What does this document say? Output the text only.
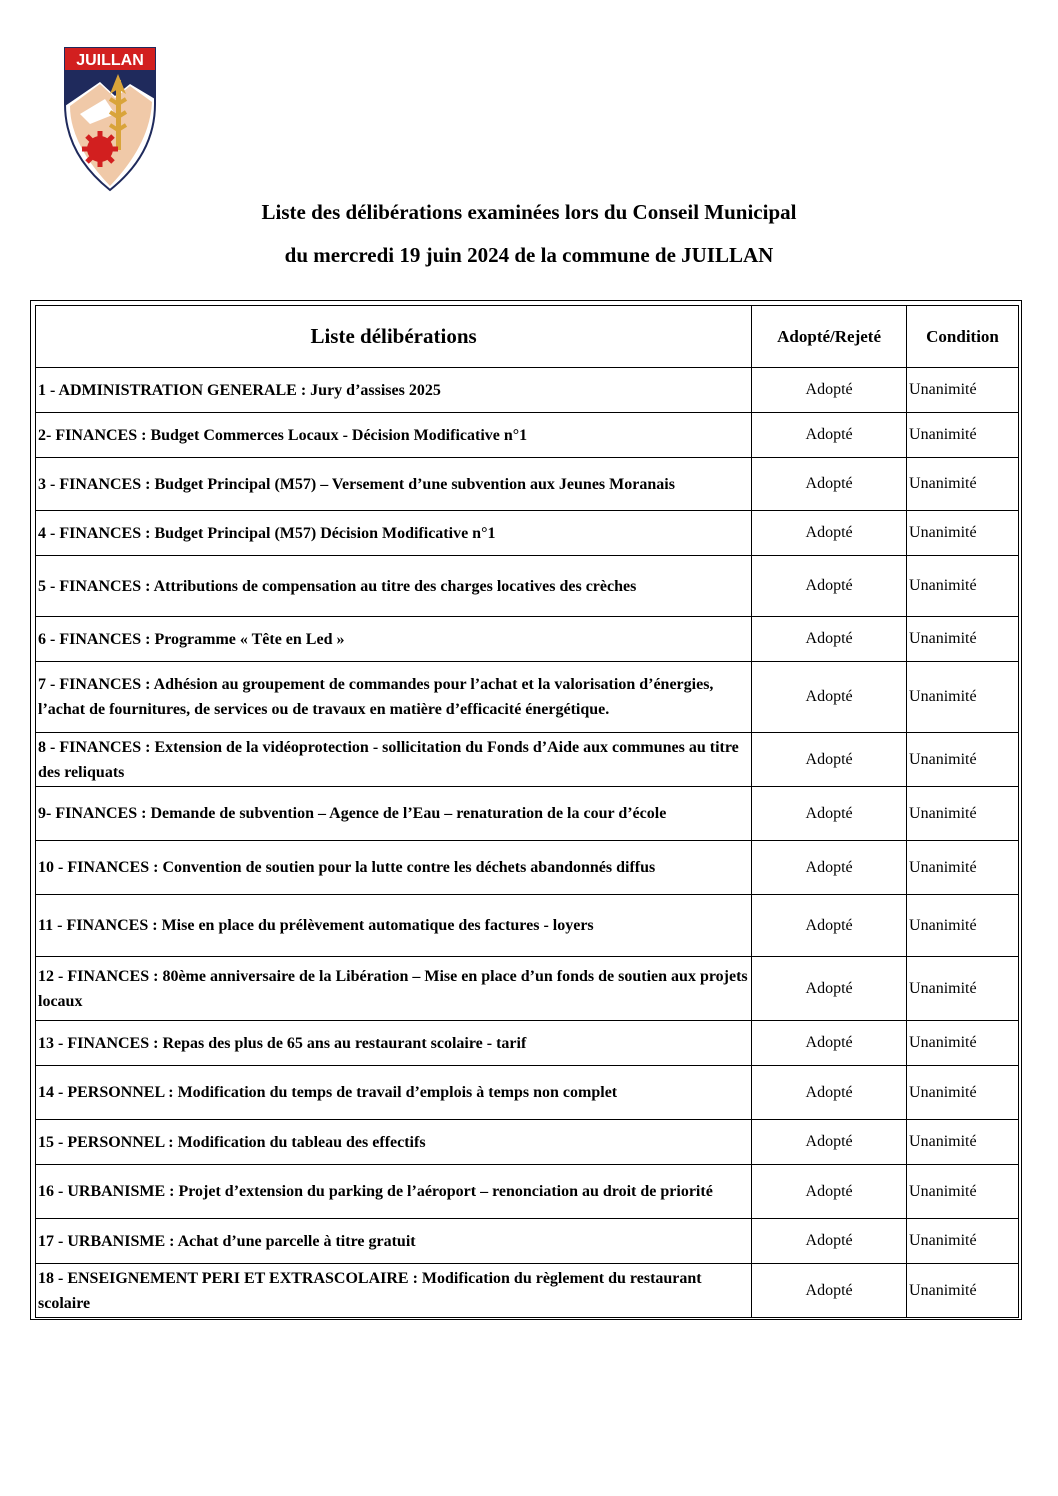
JUILLAN
Liste des délibérations examinées lors du Conseil Municipal
du mercredi 19 juin 2024 de la commune de JUILLAN
Liste délibérations	Adopté/Rejeté	Condition
1 - ADMINISTRATION GENERALE : Jury d’assises 2025	Adopté	Unanimité
2- FINANCES : Budget Commerces Locaux - Décision Modificative n°1	Adopté	Unanimité
3 - FINANCES : Budget Principal (M57) – Versement d’une subvention aux Jeunes Moranais	Adopté	Unanimité
4 - FINANCES : Budget Principal (M57) Décision Modificative n°1	Adopté	Unanimité
5 - FINANCES : Attributions de compensation au titre des charges locatives des crèches	Adopté	Unanimité
6 - FINANCES : Programme « Tête en Led »	Adopté	Unanimité
7 - FINANCES : Adhésion au groupement de commandes pour l’achat et la valorisation d’énergies, l’achat de fournitures, de services ou de travaux en matière d’efficacité énergétique.	Adopté	Unanimité
8 - FINANCES : Extension de la vidéoprotection - sollicitation du Fonds d’Aide aux communes au titre des reliquats	Adopté	Unanimité
9- FINANCES : Demande de subvention – Agence de l’Eau – renaturation de la cour d’école	Adopté	Unanimité
10 - FINANCES : Convention de soutien pour la lutte contre les déchets abandonnés diffus	Adopté	Unanimité
11 - FINANCES : Mise en place du prélèvement automatique des factures - loyers	Adopté	Unanimité
12 - FINANCES : 80ème anniversaire de la Libération – Mise en place d’un fonds de soutien aux projets locaux	Adopté	Unanimité
13 - FINANCES : Repas des plus de 65 ans au restaurant scolaire - tarif	Adopté	Unanimité
14 - PERSONNEL : Modification du temps de travail d’emplois à temps non complet	Adopté	Unanimité
15 - PERSONNEL : Modification du tableau des effectifs	Adopté	Unanimité
16 - URBANISME : Projet d’extension du parking de l’aéroport – renonciation au droit de priorité	Adopté	Unanimité
17 - URBANISME : Achat d’une parcelle à titre gratuit	Adopté	Unanimité
18 - ENSEIGNEMENT PERI ET EXTRASCOLAIRE : Modification du règlement du restaurant scolaire	Adopté	Unanimité
